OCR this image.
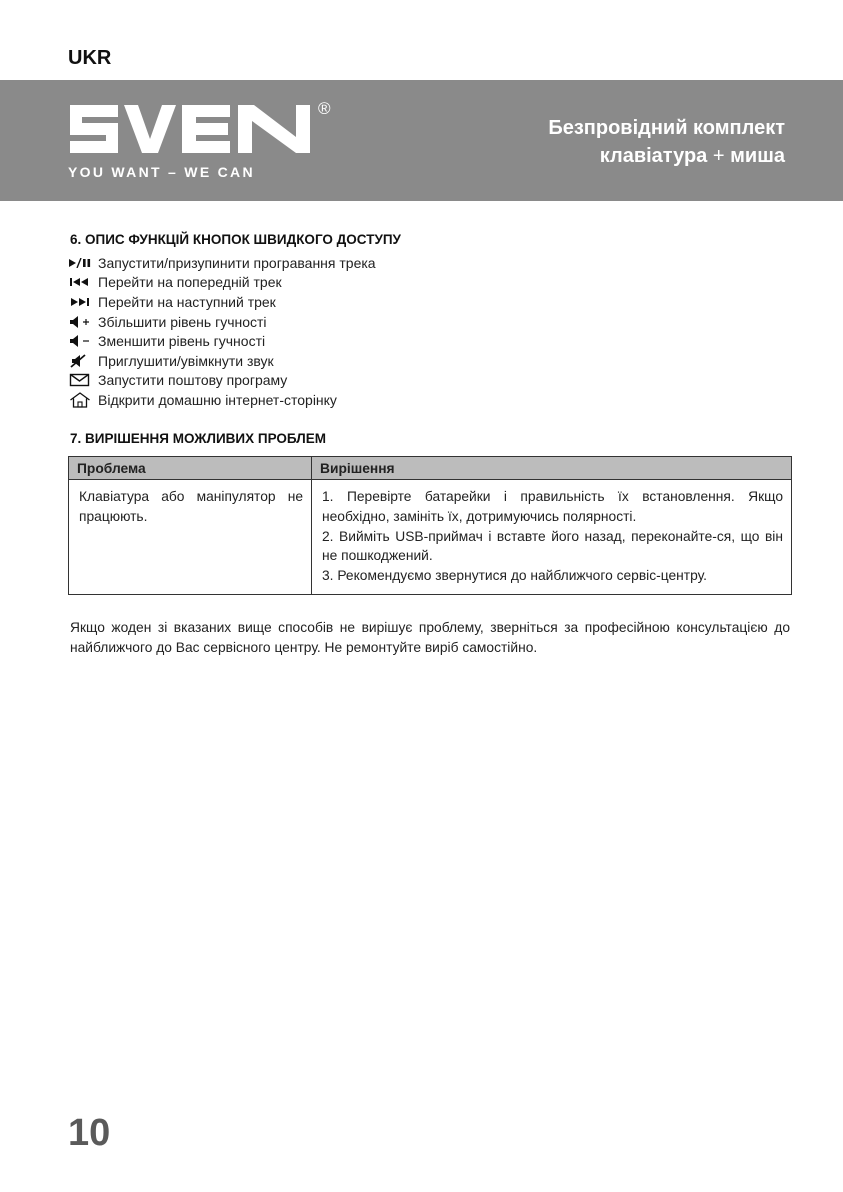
UKR
®
YOU WANT – WE CAN
Безпровідний комплект
клавіатура + миша
6. ОПИС ФУНКЦІЙ КНОПОК ШВИДКОГО ДОСТУПУ
Запустити/призупинити програвання трека
Перейти на попередній трек
Перейти на наступний трек
Збільшити рівень гучності
Зменшити рівень гучності
Приглушити/увімкнути звук
Запустити поштову програму
Відкрити домашню інтернет-сторінку
7. ВИРІШЕННЯ МОЖЛИВИХ ПРОБЛЕМ
Проблема	Вирішення
Клавіатура або маніпулятор не працюють.	1. Перевірте батарейки і правильність їх встановлення. Якщо необхідно, замініть їх, дотримуючись полярності.
2. Вийміть USB-приймач і вставте його назад, переконайте-ся, що він не пошкоджений.
3. Рекомендуємо звернутися до найближчого сервіс-центру.
Якщо жоден зі вказаних вище способів не вирішує проблему, зверніться за професійною консультацією до найближчого до Вас сервісного центру. Не ремонтуйте виріб самостійно.
10
